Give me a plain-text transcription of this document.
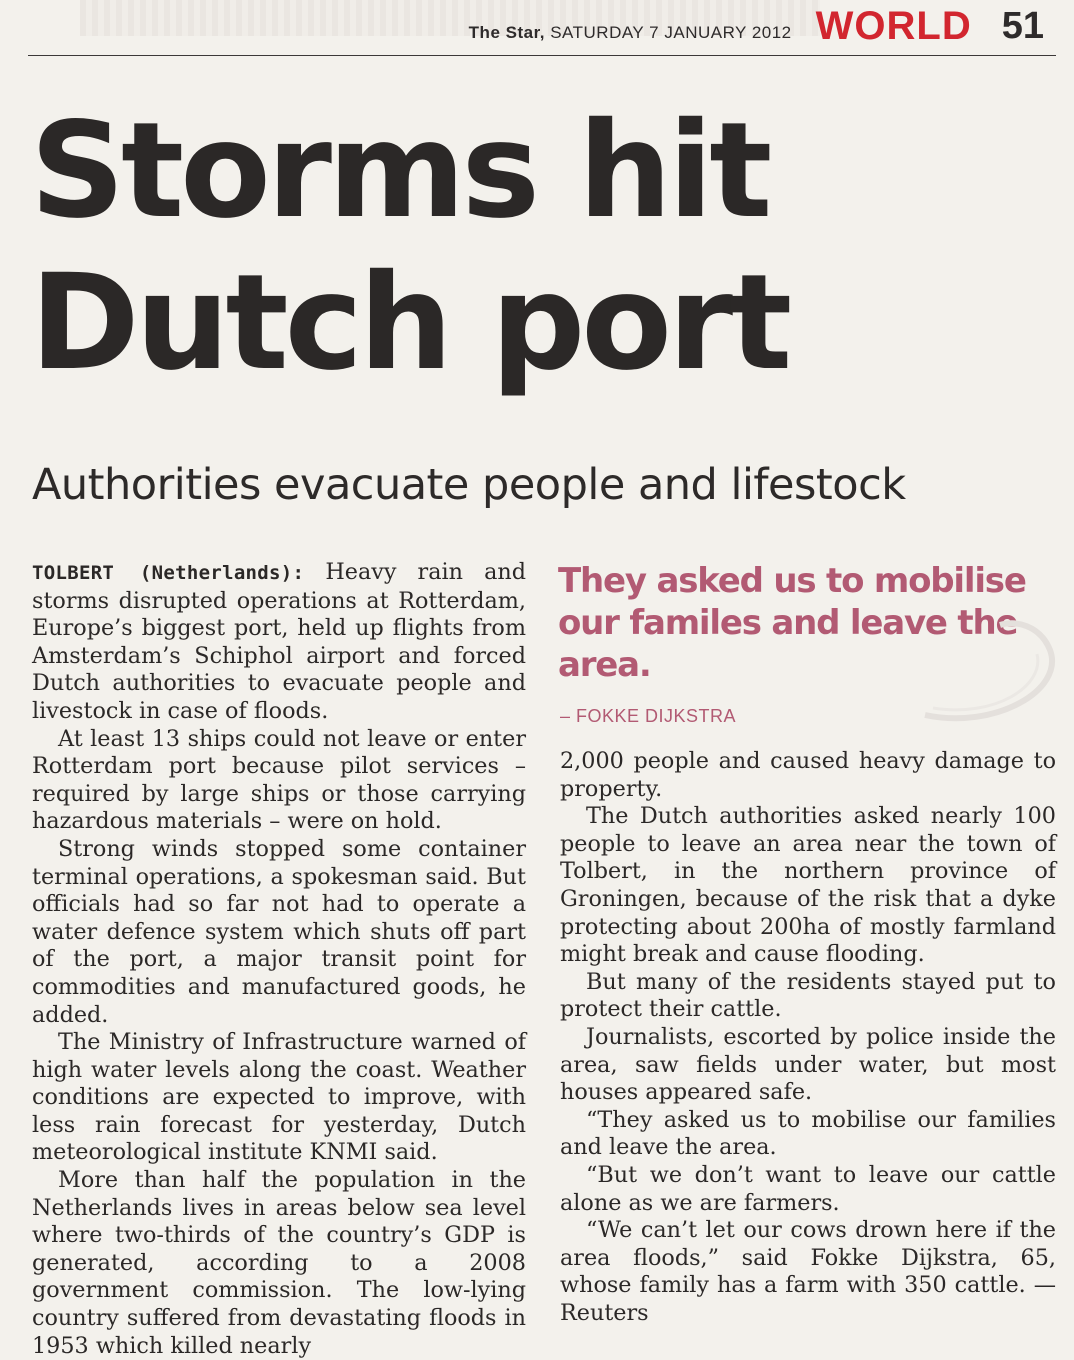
The Star, SATURDAY 7 JANUARY 2012 WORLD 51
Storms hit
Dutch port
Authorities evacuate people and lifestock

TOLBERT (Netherlands): Heavy rain and storms disrupted operations at Rotterdam, Europe’s biggest port, held up flights from Amsterdam’s Schiphol airport and forced Dutch authorities to evacuate people and livestock in case of floods.

At least 13 ships could not leave or enter Rotterdam port because pilot services – required by large ships or those carrying hazardous materials – were on hold.

Strong winds stopped some container terminal operations, a spokesman said. But officials had so far not had to operate a water defence system which shuts off part of the port, a major transit point for commodities and manufactured goods, he added.

The Ministry of Infrastructure warned of high water levels along the coast. Weather conditions are expected to improve, with less rain forecast for yesterday, Dutch meteorological institute KNMI said.

More than half the population in the Netherlands lives in areas below sea level where two-thirds of the country’s GDP is generated, according to a 2008 government commission. The low-lying country suffered from devastating floods in 1953 which killed nearly

They asked us to mobilise our familes and leave the area.

– FOKKE DIJKSTRA

2,000 people and caused heavy damage to property.

The Dutch authorities asked nearly 100 people to leave an area near the town of Tolbert, in the northern province of Groningen, because of the risk that a dyke protecting about 200ha of mostly farmland might break and cause flooding.

But many of the residents stayed put to protect their cattle.

Journalists, escorted by police inside the area, saw fields under water, but most houses appeared safe.

“They asked us to mobilise our families and leave the area.

“But we don’t want to leave our cattle alone as we are farmers.

“We can’t let our cows drown here if the area floods,” said Fokke Dijkstra, 65, whose family has a farm with 350 cattle. — Reuters
